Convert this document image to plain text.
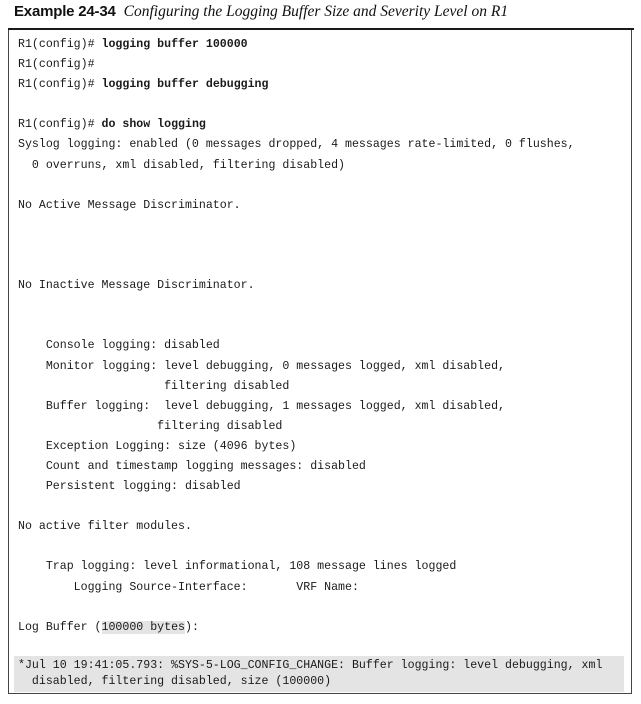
Example 24-34 Configuring the Logging Buffer Size and Severity Level on R1
R1(config)# logging buffer 100000
R1(config)#
R1(config)# logging buffer debugging
R1(config)# do show logging
Syslog logging: enabled (0 messages dropped, 4 messages rate-limited, 0 flushes,
0 overruns, xml disabled, filtering disabled)
No Active Message Discriminator.
No Inactive Message Discriminator.
Console logging: disabled
Monitor logging: level debugging, 0 messages logged, xml disabled,
filtering disabled
Buffer logging:  level debugging, 1 messages logged, xml disabled,
filtering disabled
Exception Logging: size (4096 bytes)
Count and timestamp logging messages: disabled
Persistent logging: disabled
No active filter modules.
Trap logging: level informational, 108 message lines logged
Logging Source-Interface:       VRF Name:
Log Buffer (100000 bytes):
*Jul 10 19:41:05.793: %SYS-5-LOG_CONFIG_CHANGE: Buffer logging: level debugging, xml
disabled, filtering disabled, size (100000)
